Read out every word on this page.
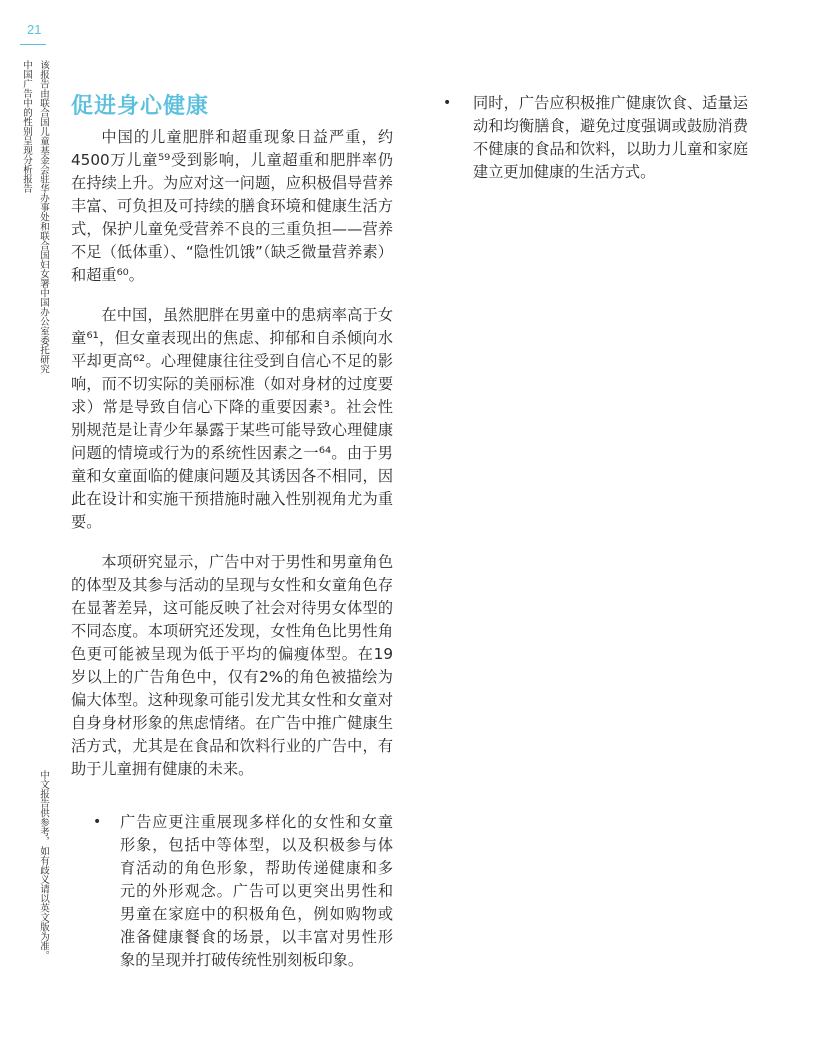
21
中国广告中的性别呈现分析报告 该报告由联合国儿童基金会驻华办事处和联合国妇女署中国办公室委托研究
中文报告供参考，如有歧义请以英文版为准。
促进身心健康

中国的儿童肥胖和超重现象日益严重，约4500万儿童⁵⁹受到影响，儿童超重和肥胖率仍在持续上升。为应对这一问题，应积极倡导营养丰富、可负担及可持续的膳食环境和健康生活方式，保护儿童免受营养不良的三重负担——营养不足（低体重）、“隐性饥饿”（缺乏微量营养素）和超重⁶⁰。

在中国，虽然肥胖在男童中的患病率高于女童⁶¹，但女童表现出的焦虑、抑郁和自杀倾向水平却更高⁶²。心理健康往往受到自信心不足的影响，而不切实际的美丽标准（如对身材的过度要求）常是导致自信心下降的重要因素³。社会性别规范是让青少年暴露于某些可能导致心理健康问题的情境或行为的系统性因素之一⁶⁴。由于男童和女童面临的健康问题及其诱因各不相同，因此在设计和实施干预措施时融入性别视角尤为重要。

本项研究显示，广告中对于男性和男童角色的体型及其参与活动的呈现与女性和女童角色存在显著差异，这可能反映了社会对待男女体型的不同态度。本项研究还发现，女性角色比男性角色更可能被呈现为低于平均的偏瘦体型。在19岁以上的广告角色中，仅有2%的角色被描绘为偏大体型。这种现象可能引发尤其女性和女童对自身身材形象的焦虑情绪。在广告中推广健康生活方式，尤其是在食品和饮料行业的广告中，有助于儿童拥有健康的未来。

• 广告应更注重展现多样化的女性和女童形象，包括中等体型，以及积极参与体育活动的角色形象，帮助传递健康和多元的外形观念。广告可以更突出男性和男童在家庭中的积极角色，例如购物或准备健康餐食的场景，以丰富对男性形象的呈现并打破传统性别刻板印象。
• 同时，广告应积极推广健康饮食、适量运动和均衡膳食，避免过度强调或鼓励消费不健康的食品和饮料，以助力儿童和家庭建立更加健康的生活方式。
